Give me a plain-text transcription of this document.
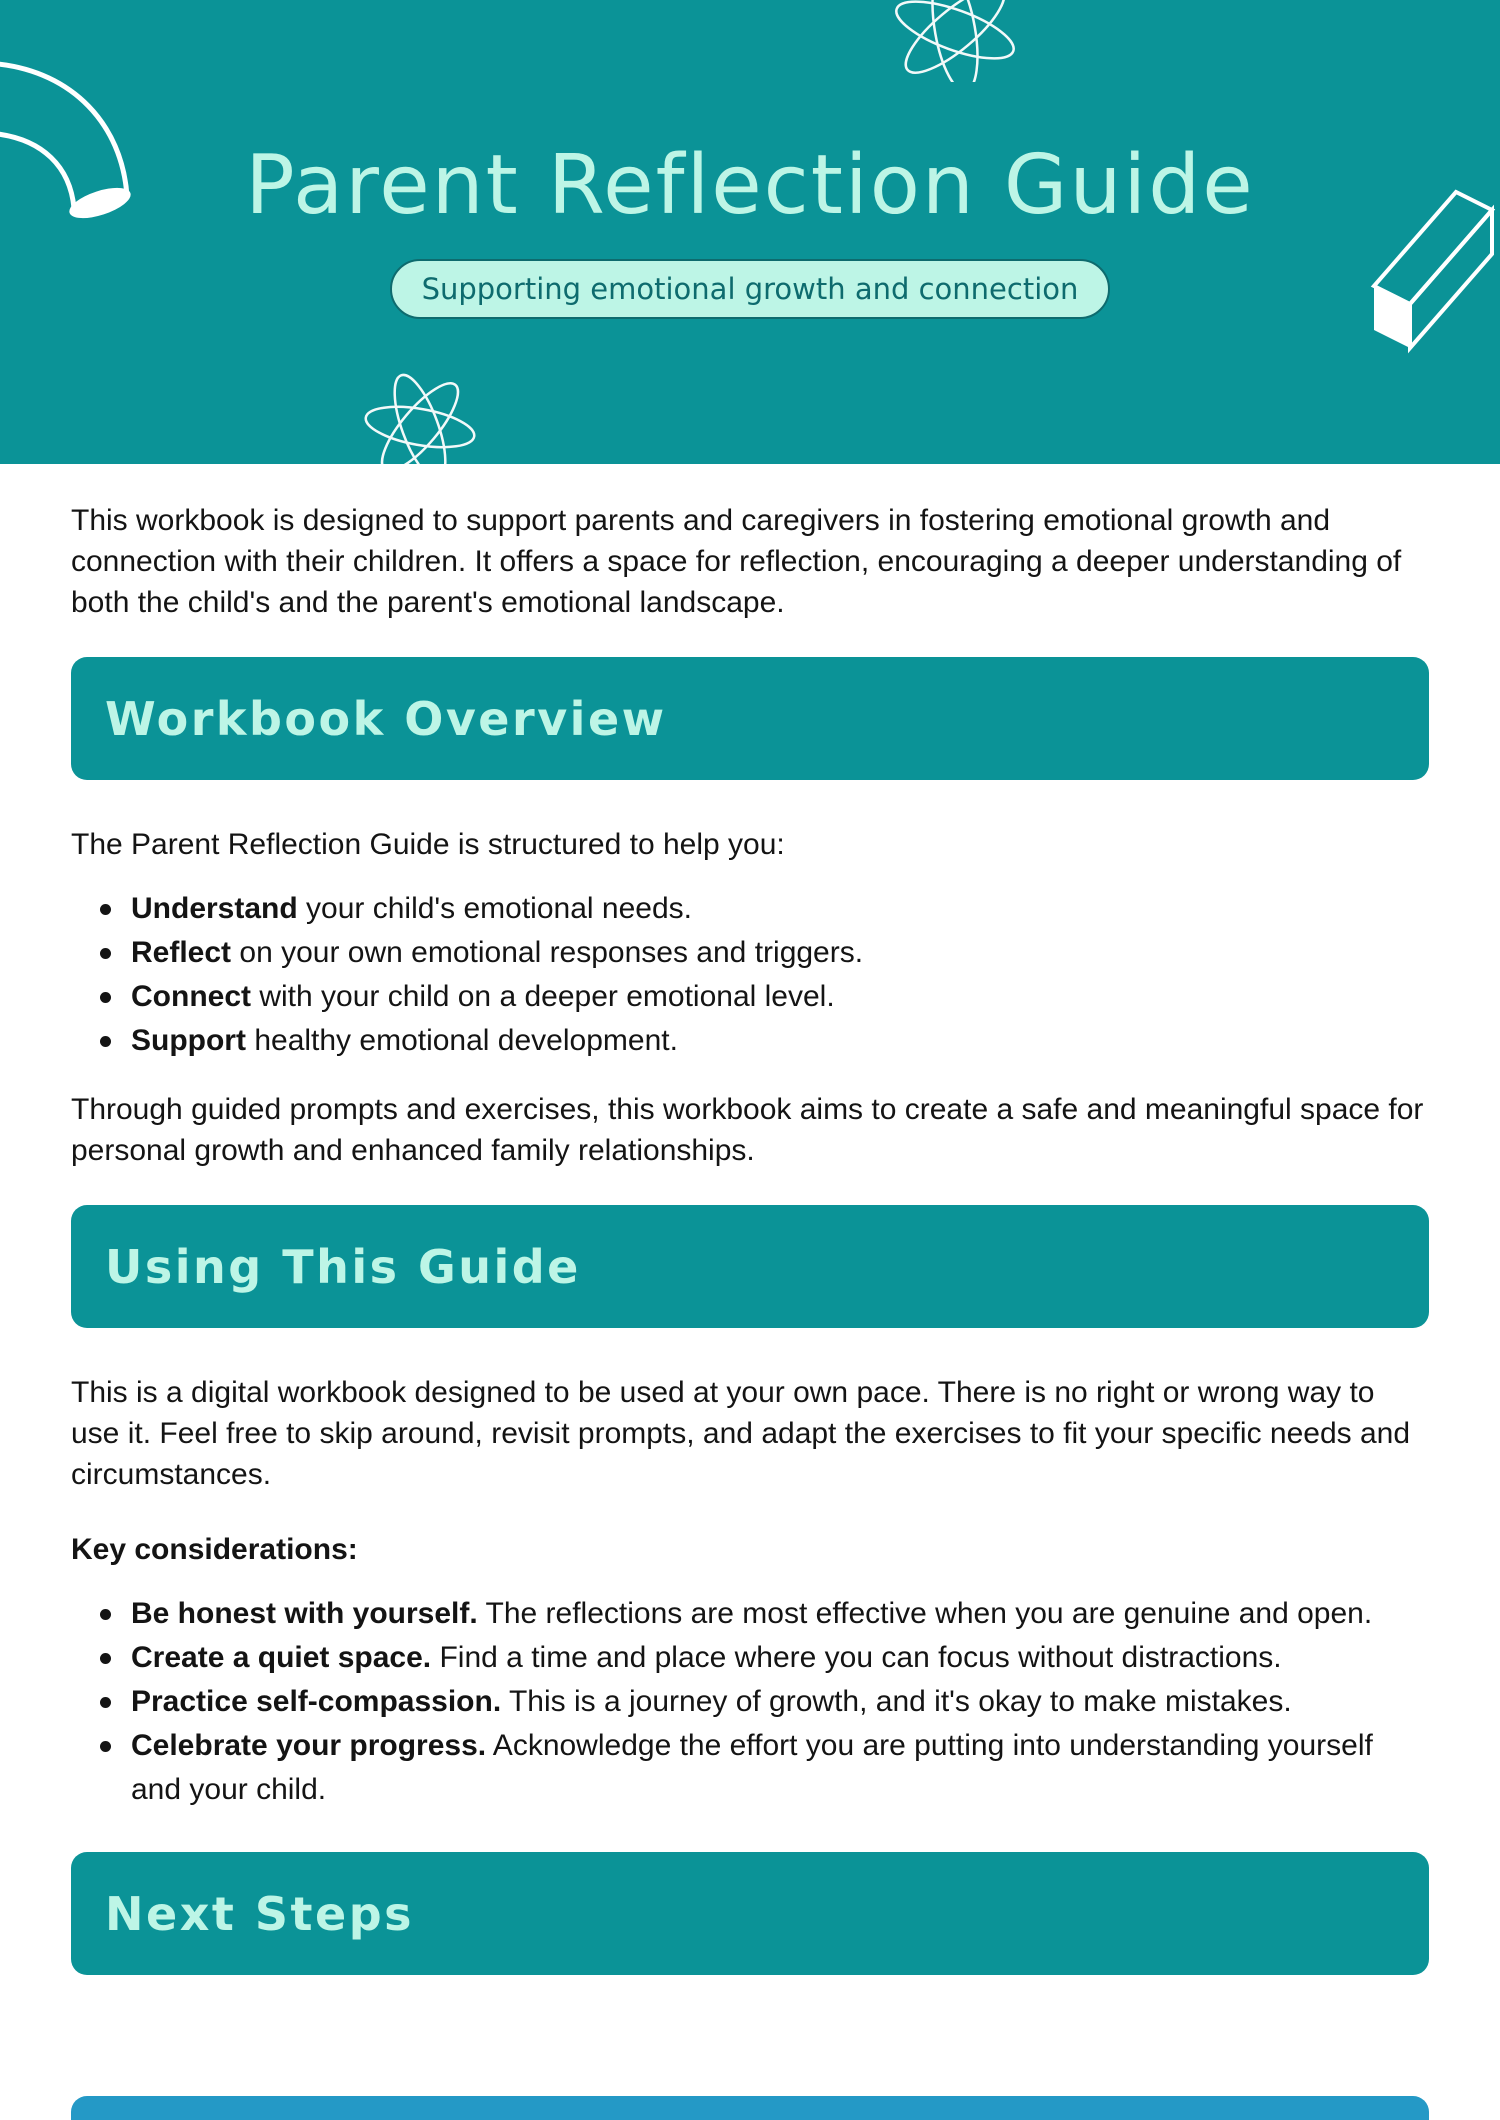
Parent Reflection Guide
Supporting emotional growth and connection

This workbook is designed to support parents and caregivers in fostering emotional growth and connection with their children. It offers a space for reflection, encouraging a deeper understanding of both the child's and the parent's emotional landscape.

Workbook Overview

The Parent Reflection Guide is structured to help you:

Understand your child's emotional needs.
Reflect on your own emotional responses and triggers.
Connect with your child on a deeper emotional level.
Support healthy emotional development.

Through guided prompts and exercises, this workbook aims to create a safe and meaningful space for personal growth and enhanced family relationships.

Using This Guide

This is a digital workbook designed to be used at your own pace. There is no right or wrong way to use it. Feel free to skip around, revisit prompts, and adapt the exercises to fit your specific needs and circumstances.

Key considerations:

Be honest with yourself. The reflections are most effective when you are genuine and open.
Create a quiet space. Find a time and place where you can focus without distractions.
Practice self-compassion. This is a journey of growth, and it's okay to make mistakes.
Celebrate your progress. Acknowledge the effort you are putting into understanding yourself and your child.
Next Steps
